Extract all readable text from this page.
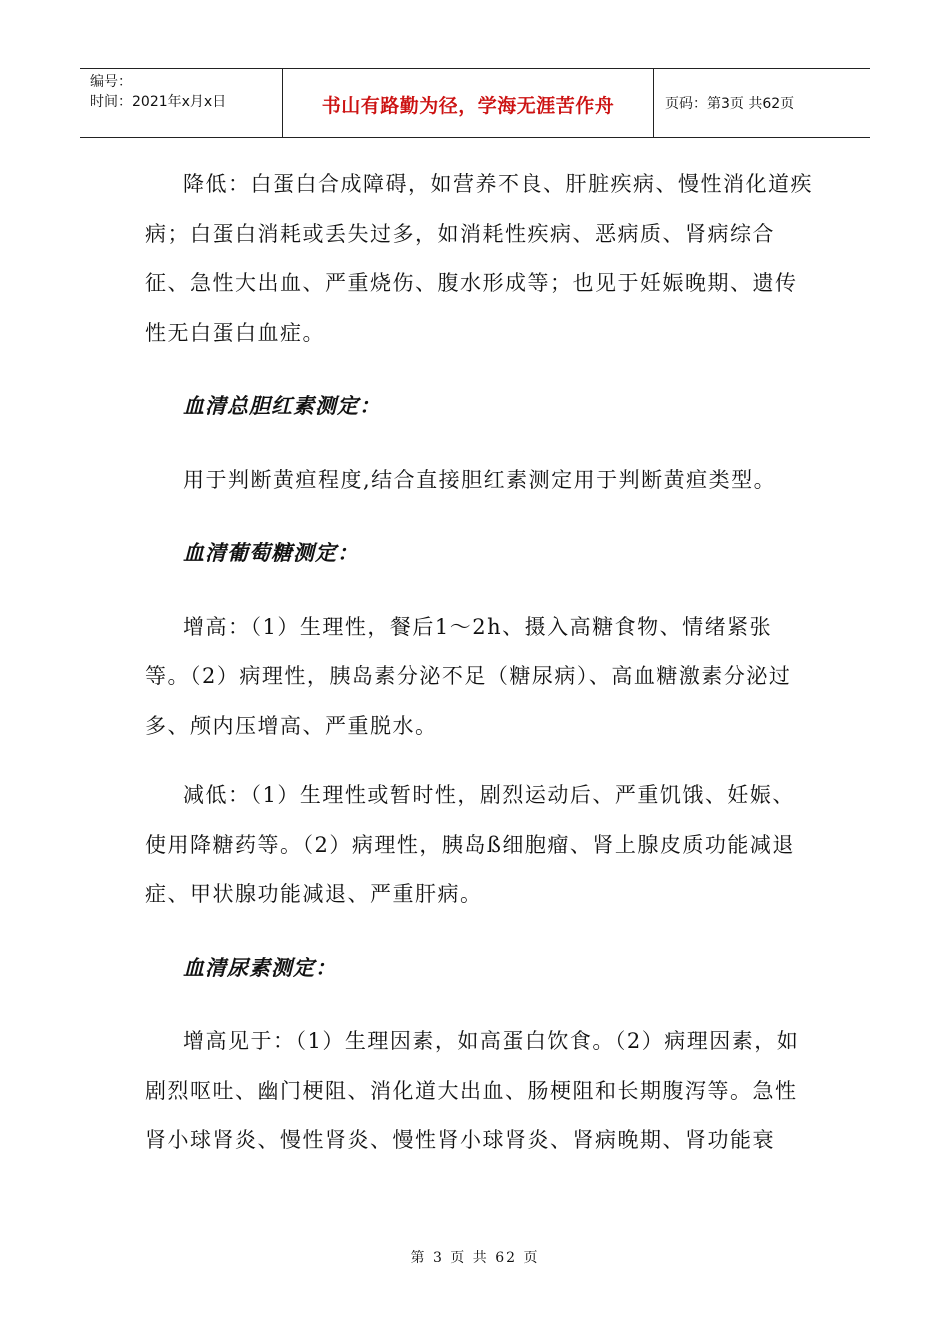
编号：
时间：2021年x月x日	书山有路勤为径，学海无涯苦作舟	页码：第3页 共62页

降低：白蛋白合成障碍，如营养不良、肝脏疾病、慢性消化道疾病；白蛋白消耗或丢失过多，如消耗性疾病、恶病质、肾病综合征、急性大出血、严重烧伤、腹水形成等；也见于妊娠晚期、遗传性无白蛋白血症。

血清总胆红素测定：

用于判断黄疸程度,结合直接胆红素测定用于判断黄疸类型。

血清葡萄糖测定：

增高：（1）生理性，餐后1～2h、摄入高糖食物、情绪紧张等。（2）病理性，胰岛素分泌不足（糖尿病）、高血糖激素分泌过多、颅内压增高、严重脱水。

减低：（1）生理性或暂时性，剧烈运动后、严重饥饿、妊娠、使用降糖药等。（2）病理性，胰岛ß细胞瘤、肾上腺皮质功能减退症、甲状腺功能减退、严重肝病。

血清尿素测定：

增高见于：（1）生理因素，如高蛋白饮食。（2）病理因素，如剧烈呕吐、幽门梗阻、消化道大出血、肠梗阻和长期腹泻等。急性肾小球肾炎、慢性肾炎、慢性肾小球肾炎、肾病晚期、肾功能衰

第 3 页 共 62 页
